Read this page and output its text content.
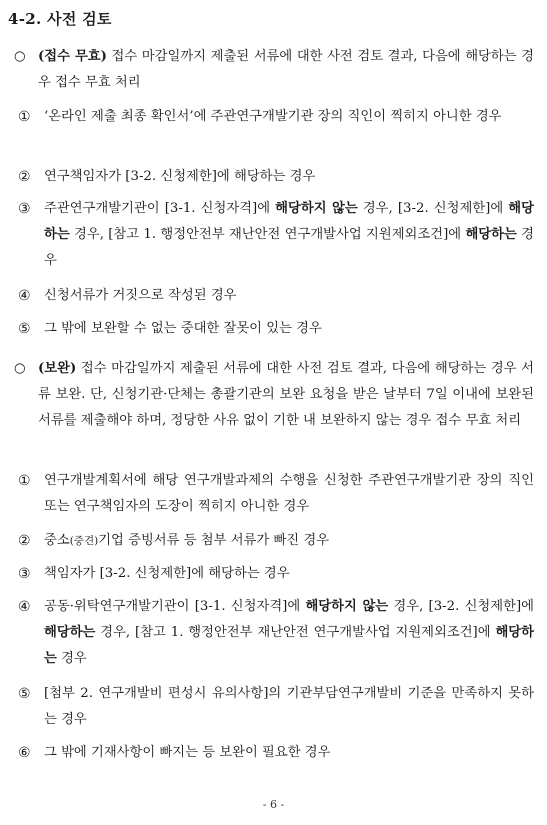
4-2. 사전 검토
○ (접수 무효) 접수 마감일까지 제출된 서류에 대한 사전 검토 결과, 다음에 해당하는 경우 접수 무효 처리
① ‘온라인 제출 최종 확인서’에 주관연구개발기관 장의 직인이 찍히지 아니한 경우
② 연구책임자가 [3-2. 신청제한]에 해당하는 경우
③ 주관연구개발기관이 [3-1. 신청자격]에 해당하지 않는 경우, [3-2. 신청제한]에 해당하는 경우, [참고 1. 행정안전부 재난안전 연구개발사업 지원제외조건]에 해당하는 경우
④ 신청서류가 거짓으로 작성된 경우
⑤ 그 밖에 보완할 수 없는 중대한 잘못이 있는 경우
○ (보완) 접수 마감일까지 제출된 서류에 대한 사전 검토 결과, 다음에 해당하는 경우 서류 보완. 단, 신청기관·단체는 총괄기관의 보완 요청을 받은 날부터 7일 이내에 보완된 서류를 제출해야 하며, 정당한 사유 없이 기한 내 보완하지 않는 경우 접수 무효 처리
① 연구개발계획서에 해당 연구개발과제의 수행을 신청한 주관연구개발기관 장의 직인 또는 연구책임자의 도장이 찍히지 아니한 경우
② 중소(중견)기업 증빙서류 등 첨부 서류가 빠진 경우
③ 책임자가 [3-2. 신청제한]에 해당하는 경우
④ 공동·위탁연구개발기관이 [3-1. 신청자격]에 해당하지 않는 경우, [3-2. 신청제한]에 해당하는 경우, [참고 1. 행정안전부 재난안전 연구개발사업 지원제외조건]에 해당하는 경우
⑤ [첨부 2. 연구개발비 편성시 유의사항]의 기관부담연구개발비 기준을 만족하지 못하는 경우
⑥ 그 밖에 기재사항이 빠지는 등 보완이 필요한 경우
- 6 -
